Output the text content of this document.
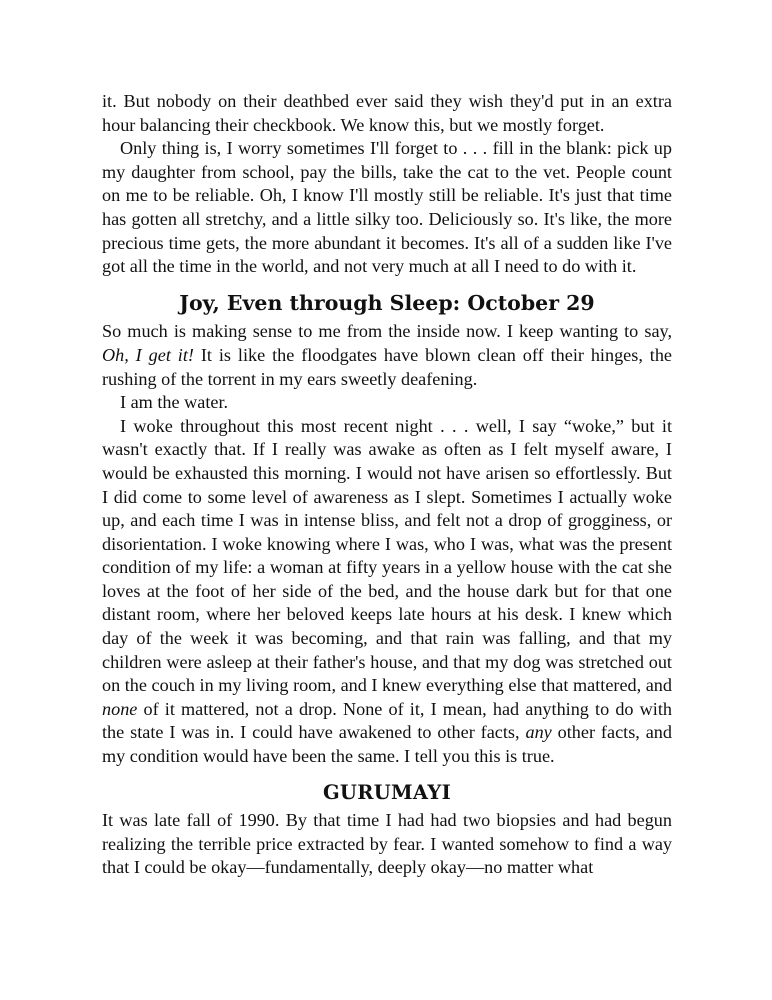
it. But nobody on their deathbed ever said they wish they'd put in an extra hour balancing their checkbook. We know this, but we mostly forget.

Only thing is, I worry sometimes I'll forget to . . . fill in the blank: pick up my daughter from school, pay the bills, take the cat to the vet. People count on me to be reliable. Oh, I know I'll mostly still be reliable. It's just that time has gotten all stretchy, and a little silky too. Deliciously so. It's like, the more precious time gets, the more abundant it becomes. It's all of a sudden like I've got all the time in the world, and not very much at all I need to do with it.

Joy, Even through Sleep: October 29

So much is making sense to me from the inside now. I keep wanting to say, Oh, I get it! It is like the floodgates have blown clean off their hinges, the rushing of the torrent in my ears sweetly deafening.

I am the water.

I woke throughout this most recent night . . . well, I say “woke,” but it wasn't exactly that. If I really was awake as often as I felt myself aware, I would be exhausted this morning. I would not have arisen so effortlessly. But I did come to some level of awareness as I slept. Sometimes I actually woke up, and each time I was in intense bliss, and felt not a drop of grogginess, or disorientation. I woke knowing where I was, who I was, what was the present condition of my life: a woman at fifty years in a yellow house with the cat she loves at the foot of her side of the bed, and the house dark but for that one distant room, where her beloved keeps late hours at his desk. I knew which day of the week it was becoming, and that rain was falling, and that my children were asleep at their father's house, and that my dog was stretched out on the couch in my living room, and I knew everything else that mattered, and none of it mattered, not a drop. None of it, I mean, had anything to do with the state I was in. I could have awakened to other facts, any other facts, and my condition would have been the same. I tell you this is true.

GURUMAYI

It was late fall of 1990. By that time I had had two biopsies and had begun realizing the terrible price extracted by fear. I wanted somehow to find a way that I could be okay—fundamentally, deeply okay—no matter what
